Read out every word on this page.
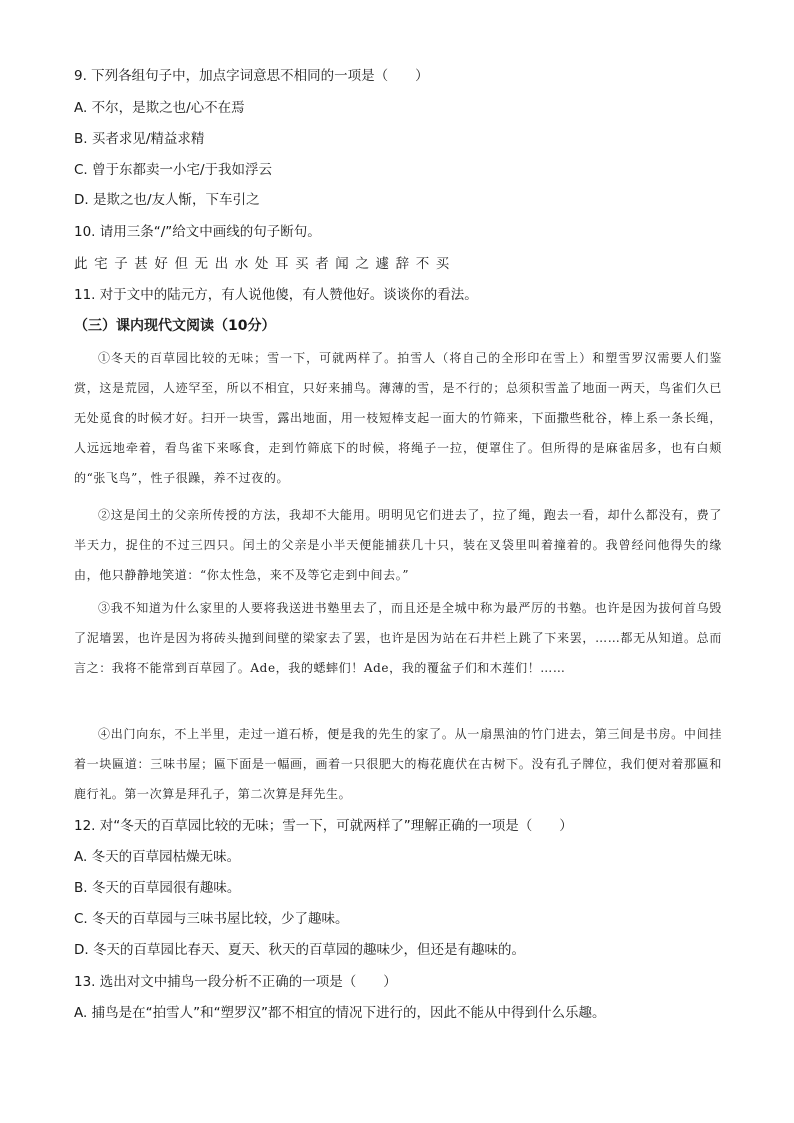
9. 下列各组句子中，加点字词意思不相同的一项是（　　）
A. 不尔，是欺之也/心不在焉
B. 买者求见/精益求精
C. 曾于东都卖一小宅/于我如浮云
D. 是欺之也/友人惭，下车引之
10. 请用三条“/”给文中画线的句子断句。
此宅子甚好但无出水处耳买者闻之遽辞不买
11. 对于文中的陆元方，有人说他傻，有人赞他好。谈谈你的看法。
（三）课内现代文阅读（10分）
①冬天的百草园比较的无味；雪一下，可就两样了。拍雪人（将自己的全形印在雪上）和塑雪罗汉需要人们鉴赏，这是荒园，人迹罕至，所以不相宜，只好来捕鸟。薄薄的雪，是不行的；总须积雪盖了地面一两天，鸟雀们久已无处觅食的时候才好。扫开一块雪，露出地面，用一枝短棒支起一面大的竹筛来，下面撒些秕谷，棒上系一条长绳，人远远地牵着，看鸟雀下来啄食，走到竹筛底下的时候，将绳子一拉，便罩住了。但所得的是麻雀居多，也有白颊的“张飞鸟”，性子很躁，养不过夜的。
②这是闰土的父亲所传授的方法，我却不大能用。明明见它们进去了，拉了绳，跑去一看，却什么都没有，费了半天力，捉住的不过三四只。闰土的父亲是小半天便能捕获几十只，装在叉袋里叫着撞着的。我曾经问他得失的缘由，他只静静地笑道：“你太性急，来不及等它走到中间去。”
③我不知道为什么家里的人要将我送进书塾里去了，而且还是全城中称为最严厉的书塾。也许是因为拔何首乌毁了泥墙罢，也许是因为将砖头抛到间壁的梁家去了罢，也许是因为站在石井栏上跳了下来罢，……都无从知道。总而言之：我将不能常到百草园了。Ade，我的蟋蟀们！Ade，我的覆盆子们和木莲们！……
④出门向东，不上半里，走过一道石桥，便是我的先生的家了。从一扇黑油的竹门进去，第三间是书房。中间挂着一块匾道：三味书屋；匾下面是一幅画，画着一只很肥大的梅花鹿伏在古树下。没有孔子牌位，我们便对着那匾和鹿行礼。第一次算是拜孔子，第二次算是拜先生。
12. 对“冬天的百草园比较的无味；雪一下，可就两样了”理解正确的一项是（　　）
A. 冬天的百草园枯燥无味。
B. 冬天的百草园很有趣味。
C. 冬天的百草园与三味书屋比较，少了趣味。
D. 冬天的百草园比春天、夏天、秋天的百草园的趣味少，但还是有趣味的。
13. 选出对文中捕鸟一段分析不正确的一项是（　　）
A. 捕鸟是在“拍雪人”和“塑罗汉”都不相宜的情况下进行的，因此不能从中得到什么乐趣。
